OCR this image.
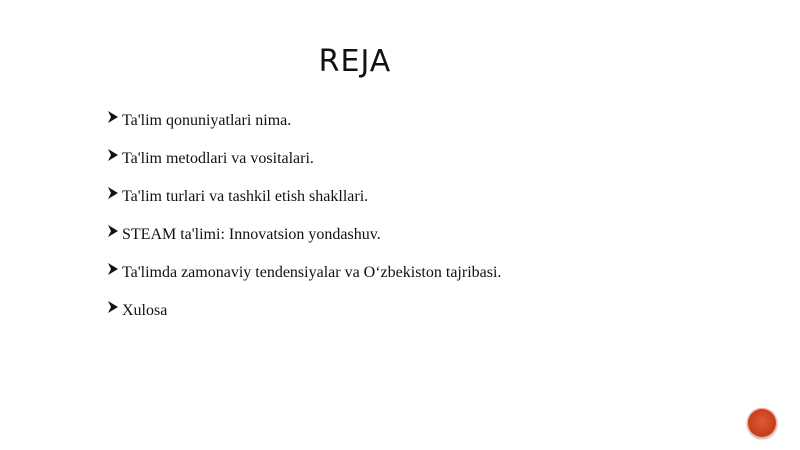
REJA
Ta'lim qonuniyatlari nima.
Ta'lim metodlari va vositalari.
Ta'lim turlari va tashkil etish shakllari.
STEAM ta'limi: Innovatsion yondashuv.
Ta'limda zamonaviy tendensiyalar va O‘zbekiston tajribasi.
Xulosa
